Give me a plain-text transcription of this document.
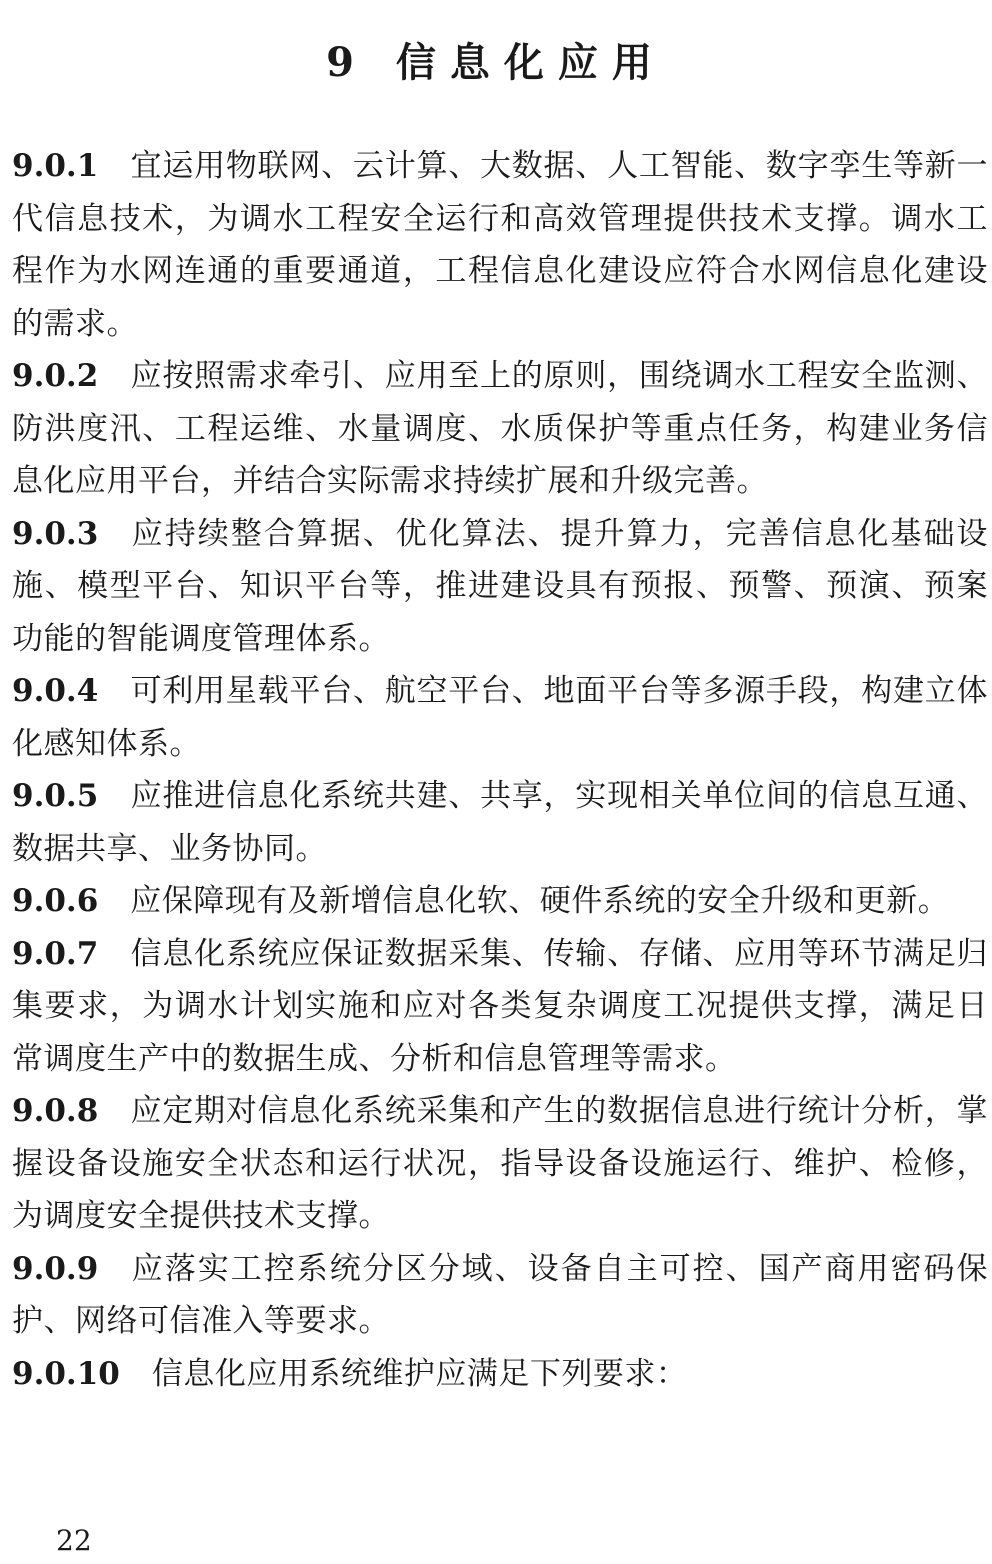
9 信息化应用

9.0.1 宜运用物联网、云计算、大数据、人工智能、数字孪生等新一代信息技术，为调水工程安全运行和高效管理提供技术支撑。调水工程作为水网连通的重要通道，工程信息化建设应符合水网信息化建设的需求。

9.0.2 应按照需求牵引、应用至上的原则，围绕调水工程安全监测、防洪度汛、工程运维、水量调度、水质保护等重点任务，构建业务信息化应用平台，并结合实际需求持续扩展和升级完善。

9.0.3 应持续整合算据、优化算法、提升算力，完善信息化基础设施、模型平台、知识平台等，推进建设具有预报、预警、预演、预案功能的智能调度管理体系。

9.0.4 可利用星载平台、航空平台、地面平台等多源手段，构建立体化感知体系。

9.0.5 应推进信息化系统共建、共享，实现相关单位间的信息互通、数据共享、业务协同。

9.0.6 应保障现有及新增信息化软、硬件系统的安全升级和更新。

9.0.7 信息化系统应保证数据采集、传输、存储、应用等环节满足归集要求，为调水计划实施和应对各类复杂调度工况提供支撑，满足日常调度生产中的数据生成、分析和信息管理等需求。

9.0.8 应定期对信息化系统采集和产生的数据信息进行统计分析，掌握设备设施安全状态和运行状况，指导设备设施运行、维护、检修，为调度安全提供技术支撑。

9.0.9 应落实工控系统分区分域、设备自主可控、国产商用密码保护、网络可信准入等要求。

9.0.10 信息化应用系统维护应满足下列要求：

22
